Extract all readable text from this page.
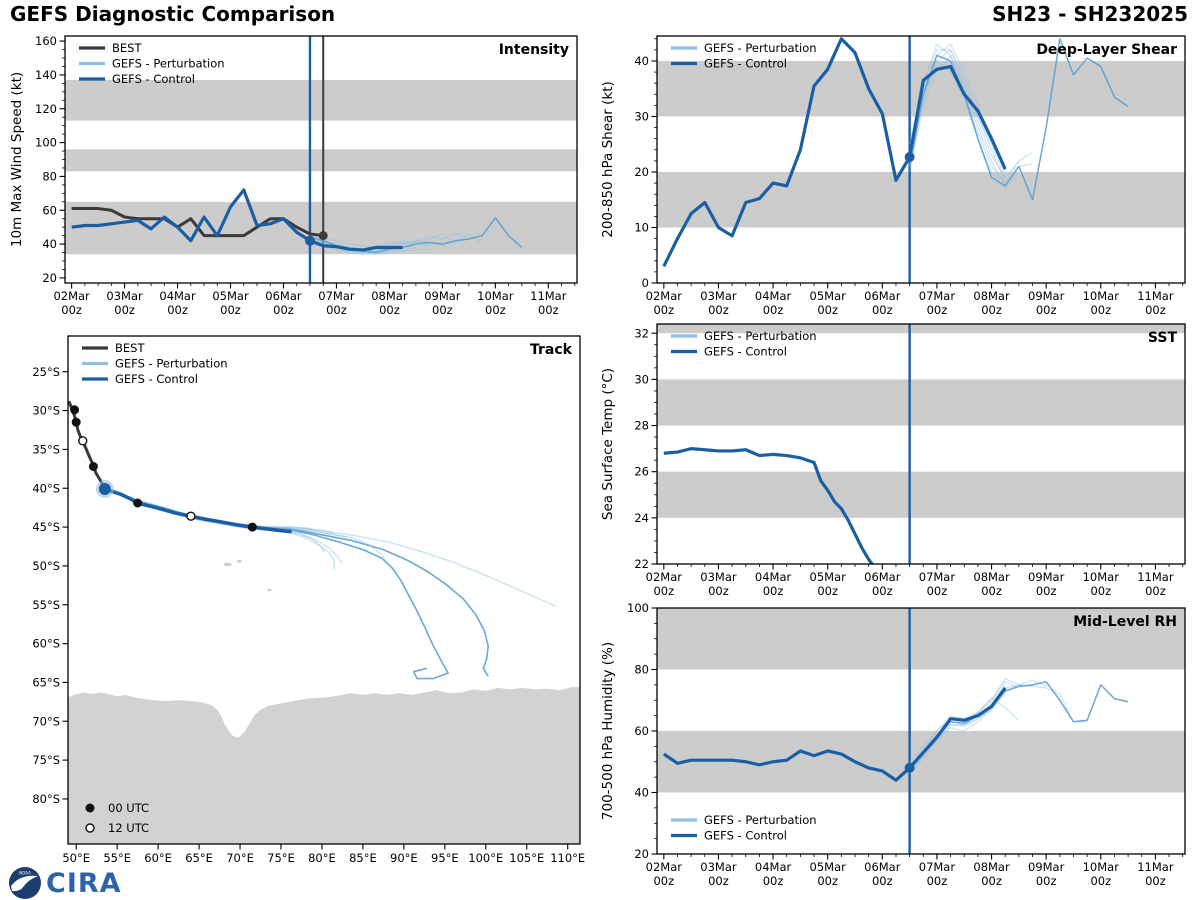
GEFS Diagnostic Comparison	SH23 - SH232025
02Mar
00z
03Mar
00z
04Mar
00z
05Mar
00z
06Mar
00z
07Mar
00z
08Mar
00z
09Mar
00z
10Mar
00z
11Mar
00z
20
40
60
80
100
120
140
160
10m Max Wind Speed (kt)
Intensity
BEST
GEFS - Perturbation
GEFS - Control
50°E 55°E 60°E 65°E 70°E 75°E 80°E 85°E 90°E 95°E 100°E 105°E 110°E
25°S
30°S
35°S
40°S
45°S
50°S
55°S
60°S
65°S
70°S
75°S
80°S
Track
BEST
GEFS - Perturbation
GEFS - Control
00 UTC
12 UTC
02Mar
00z
03Mar
00z
04Mar
00z
05Mar
00z
06Mar
00z
07Mar
00z
08Mar
00z
09Mar
00z
10Mar
00z
11Mar
00z
0
10
20
30
40
200-850 hPa Shear (kt)
Deep-Layer Shear
GEFS - Perturbation
GEFS - Control
02Mar
00z
03Mar
00z
04Mar
00z
05Mar
00z
06Mar
00z
07Mar
00z
08Mar
00z
09Mar
00z
10Mar
00z
11Mar
00z
22
24
26
28
30
32
Sea Surface Temp (°C)
SST
GEFS - Perturbation
GEFS - Control
02Mar
00z
03Mar
00z
04Mar
00z
05Mar
00z
06Mar
00z
07Mar
00z
08Mar
00z
09Mar
00z
10Mar
00z
11Mar
00z
20
40
60
80
100
700-500 hPa Humidity (%)
Mid-Level RH
GEFS - Perturbation
GEFS - Control
NOAA CIRA
